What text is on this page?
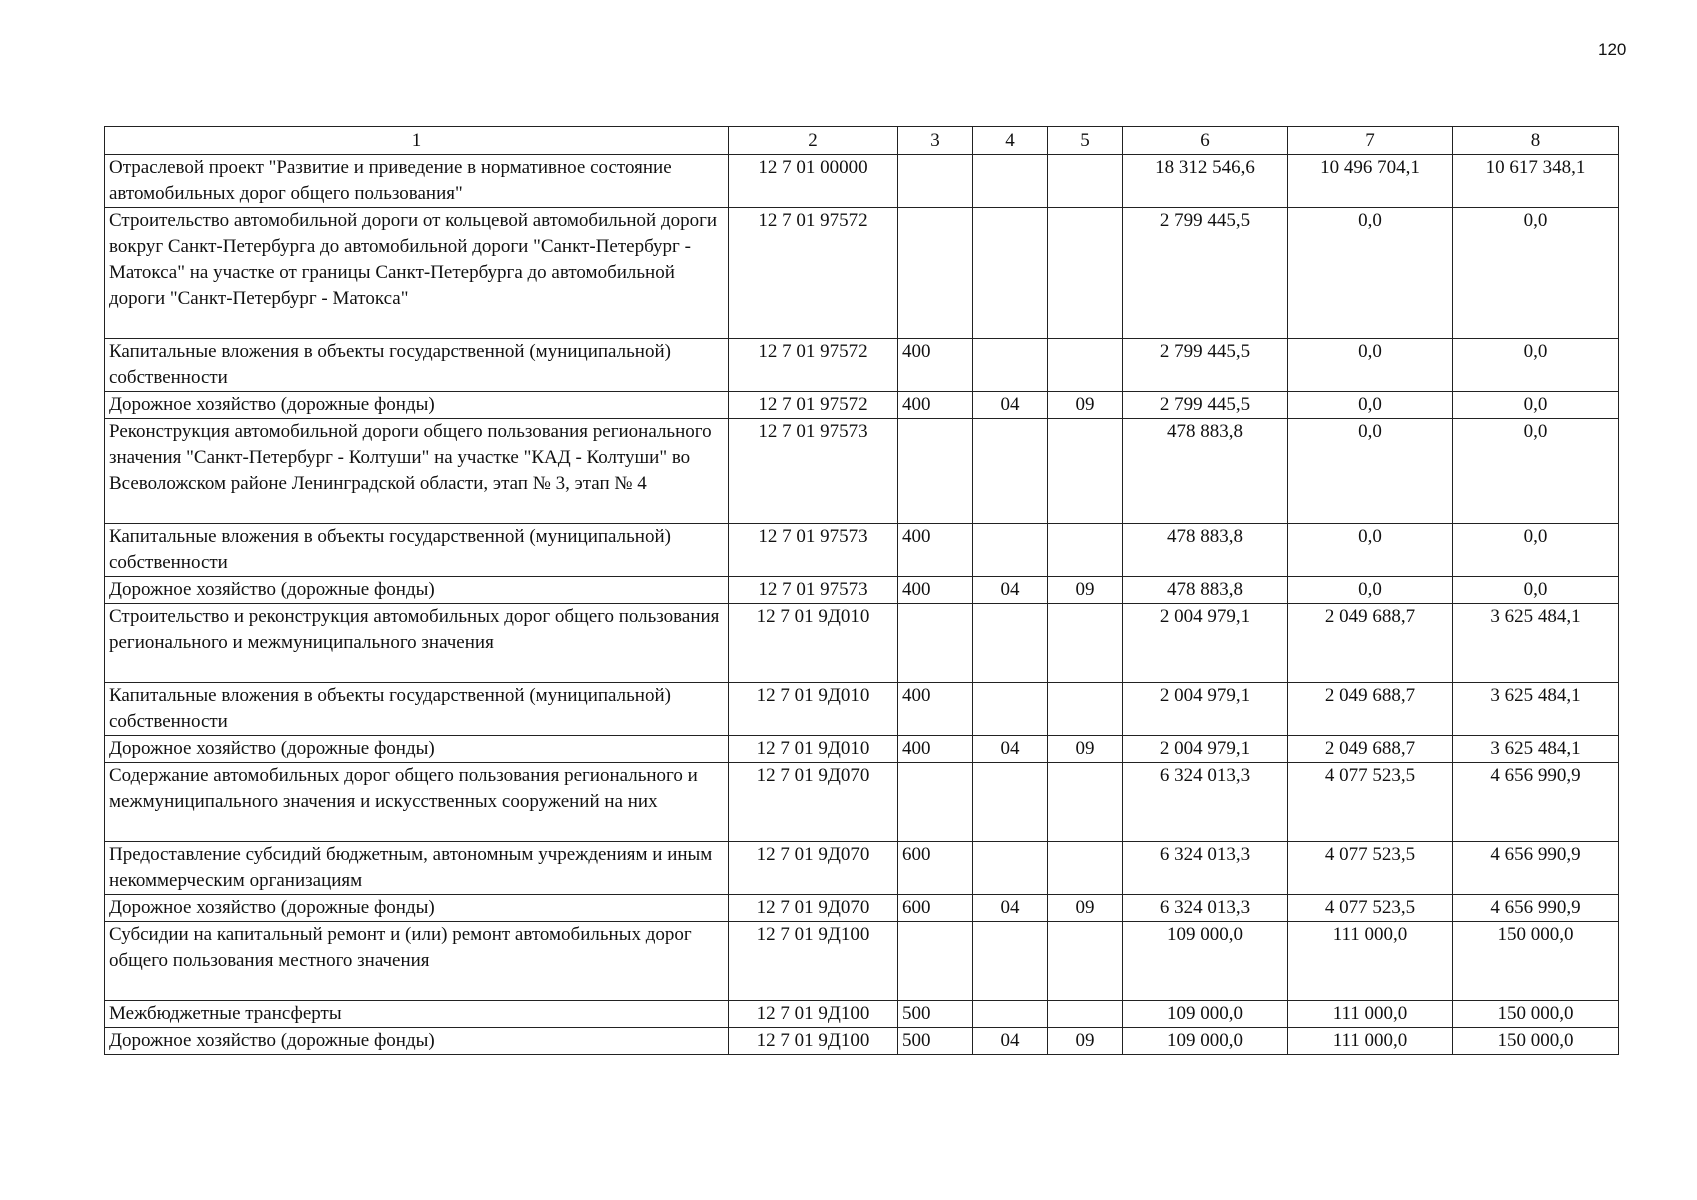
120
1	2	3	4	5	6	7	8
Отраслевой проект "Развитие и приведение в нормативное состояние автомобильных дорог общего пользования"	12 7 01 00000				18 312 546,6	10 496 704,1	10 617 348,1
Строительство автомобильной дороги от кольцевой автомобильной дороги вокруг Санкт-Петербурга до автомобильной дороги "Санкт-Петербург - Матокса" на участке от границы Санкт-Петербурга до автомобильной дороги "Санкт-Петербург - Матокса"	12 7 01 97572				2 799 445,5	0,0	0,0
Капитальные вложения в объекты государственной (муниципальной) собственности	12 7 01 97572	400			2 799 445,5	0,0	0,0
Дорожное хозяйство (дорожные фонды)	12 7 01 97572	400	04	09	2 799 445,5	0,0	0,0
Реконструкция автомобильной дороги общего пользования регионального значения "Санкт-Петербург - Колтуши" на участке "КАД - Колтуши" во Всеволожском районе Ленинградской области, этап № 3, этап № 4	12 7 01 97573				478 883,8	0,0	0,0
Капитальные вложения в объекты государственной (муниципальной) собственности	12 7 01 97573	400			478 883,8	0,0	0,0
Дорожное хозяйство (дорожные фонды)	12 7 01 97573	400	04	09	478 883,8	0,0	0,0
Строительство и реконструкция автомобильных дорог общего пользования регионального и межмуниципального значения	12 7 01 9Д010				2 004 979,1	2 049 688,7	3 625 484,1
Капитальные вложения в объекты государственной (муниципальной) собственности	12 7 01 9Д010	400			2 004 979,1	2 049 688,7	3 625 484,1
Дорожное хозяйство (дорожные фонды)	12 7 01 9Д010	400	04	09	2 004 979,1	2 049 688,7	3 625 484,1
Содержание автомобильных дорог общего пользования регионального и межмуниципального значения и искусственных сооружений на них	12 7 01 9Д070				6 324 013,3	4 077 523,5	4 656 990,9
Предоставление субсидий бюджетным, автономным учреждениям и иным некоммерческим организациям	12 7 01 9Д070	600			6 324 013,3	4 077 523,5	4 656 990,9
Дорожное хозяйство (дорожные фонды)	12 7 01 9Д070	600	04	09	6 324 013,3	4 077 523,5	4 656 990,9
Субсидии на капитальный ремонт и (или) ремонт автомобильных дорог общего пользования местного значения	12 7 01 9Д100				109 000,0	111 000,0	150 000,0
Межбюджетные трансферты	12 7 01 9Д100	500			109 000,0	111 000,0	150 000,0
Дорожное хозяйство (дорожные фонды)	12 7 01 9Д100	500	04	09	109 000,0	111 000,0	150 000,0
